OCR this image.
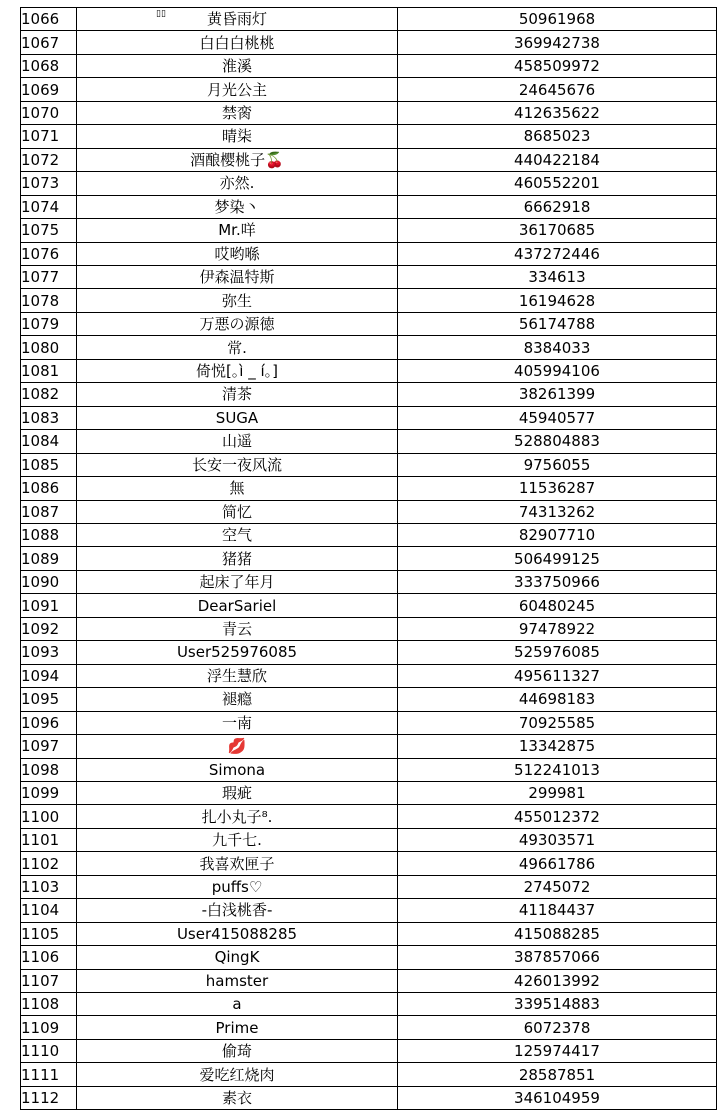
▯▯
1066	黄昏雨灯	50961968
1067	白白白桃桃	369942738
1068	淮溪	458509972
1069	月光公主	24645676
1070	禁脔	412635622
1071	晴柒	8685023
1072	酒酿樱桃子🍒	440422184
1073	亦然.	460552201
1074	梦染丶	6662918
1075	Mr.咩	36170685
1076	哎哟喺	437272446
1077	伊森温特斯	334613
1078	弥生	16194628
1079	万悪の源徳	56174788
1080	常.	8384033
1081	倚悦[｡ì _ í｡]	405994106
1082	清茶	38261399
1083	SUGA	45940577
1084	山遥	528804883
1085	长安一夜风流	9756055
1086	無	11536287
1087	简忆	74313262
1088	空气	82907710
1089	猪猪	506499125
1090	起床了年月	333750966
1091	DearSariel	60480245
1092	青云	97478922
1093	User525976085	525976085
1094	浮生慧欣	495611327
1095	褪瘾	44698183
1096	一南	70925585
1097	💋	13342875
1098	Simona	512241013
1099	瑕疵	299981
1100	扎小丸子⁸.	455012372
1101	九千七.	49303571
1102	我喜欢匣子	49661786
1103	puffs♡	2745072
1104	-白浅桃香-	41184437
1105	User415088285	415088285
1106	QingK	387857066
1107	hamster	426013992
1108	a	339514883
1109	Prime	6072378
1110	偷琦	125974417
1111	爱吃红烧肉	28587851
1112	素衣	346104959
